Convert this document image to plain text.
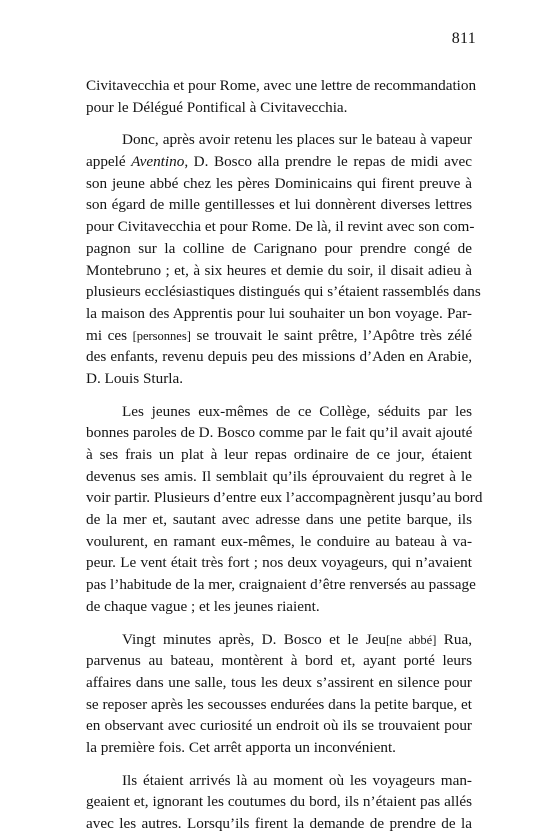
811
Civitavecchia et pour Rome, avec une lettre de recommandation
pour le Délégué Pontifical à Civitavecchia.
Donc, après avoir retenu les places sur le bateau à vapeur
appelé Aventino, D. Bosco alla prendre le repas de midi avec
son jeune abbé chez les pères Dominicains qui firent preuve à
son égard de mille gentillesses et lui donnèrent diverses lettres
pour Civitavecchia et pour Rome. De là, il revint avec son com-
pagnon sur la colline de Carignano pour prendre congé de
Montebruno ; et, à six heures et demie du soir, il disait adieu à
plusieurs ecclésiastiques distingués qui s’étaient rassemblés dans
la maison des Apprentis pour lui souhaiter un bon voyage. Par-
mi ces [personnes] se trouvait le saint prêtre, l’Apôtre très zélé
des enfants, revenu depuis peu des missions d’Aden en Arabie,
D. Louis Sturla.
Les jeunes eux-mêmes de ce Collège, séduits par les
bonnes paroles de D. Bosco comme par le fait qu’il avait ajouté
à ses frais un plat à leur repas ordinaire de ce jour, étaient
devenus ses amis. Il semblait qu’ils éprouvaient du regret à le
voir partir. Plusieurs d’entre eux l’accompagnèrent jusqu’au bord
de la mer et, sautant avec adresse dans une petite barque, ils
voulurent, en ramant eux-mêmes, le conduire au bateau à va-
peur. Le vent était très fort ; nos deux voyageurs, qui n’avaient
pas l’habitude de la mer, craignaient d’être renversés au passage
de chaque vague ; et les jeunes riaient.
Vingt minutes après, D. Bosco et le Jeu[ne abbé] Rua,
parvenus au bateau, montèrent à bord et, ayant porté leurs
affaires dans une salle, tous les deux s’assirent en silence pour
se reposer après les secousses endurées dans la petite barque, et
en observant avec curiosité un endroit où ils se trouvaient pour
la première fois. Cet arrêt apporta un inconvénient.
Ils étaient arrivés là au moment où les voyageurs man-
geaient et, ignorant les coutumes du bord, ils n’étaient pas allés
avec les autres. Lorsqu’ils firent la demande de prendre de la
